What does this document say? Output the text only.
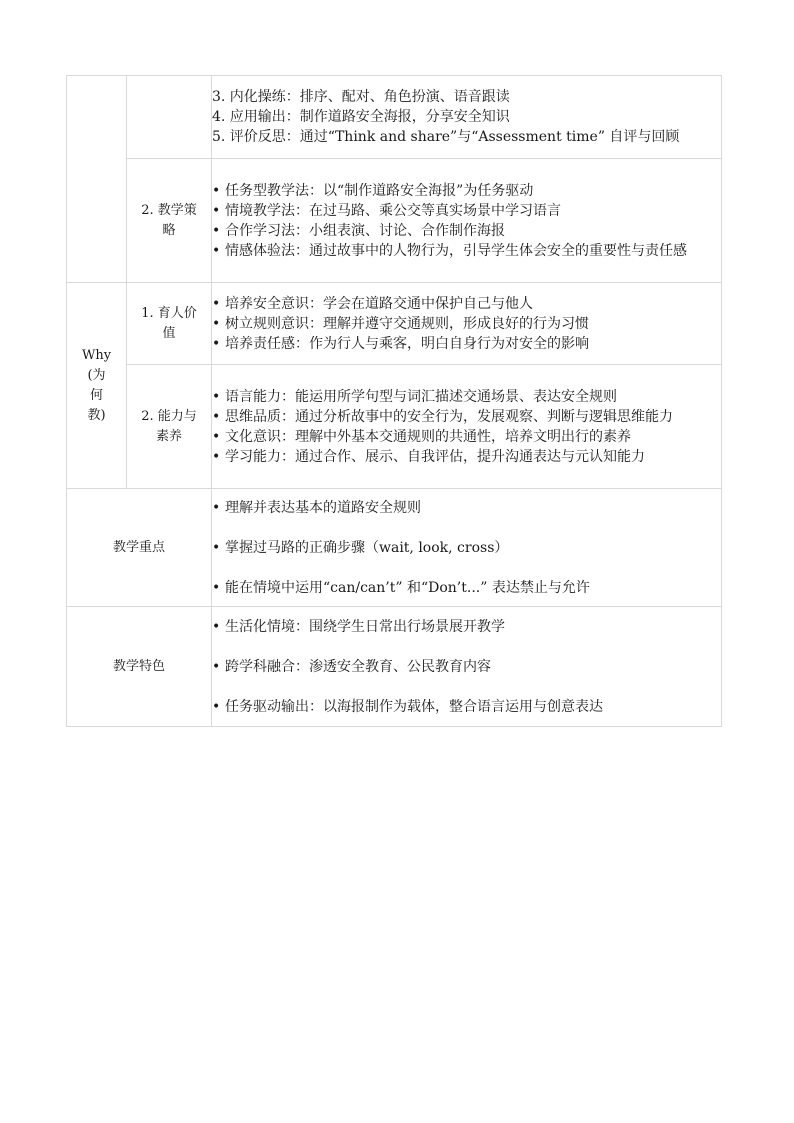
		3. 内化操练：排序、配对、角色扮演、语音跟读
4. 应用输出：制作道路安全海报，分享安全知识
5. 评价反思：通过“Think and share”与“Assessment time” 自评与回顾

	2. 教学策略	• 任务型教学法：以“制作道路安全海报”为任务驱动
• 情境教学法：在过马路、乘公交等真实场景中学习语言
• 合作学习法：小组表演、讨论、合作制作海报
• 情感体验法：通过故事中的人物行为，引导学生体会安全的重要性与责任感

Why (为何教)	1. 育人价值	• 培养安全意识：学会在道路交通中保护自己与他人
• 树立规则意识：理解并遵守交通规则，形成良好的行为习惯
• 培养责任感：作为行人与乘客，明白自身行为对安全的影响

	2. 能力与素养	• 语言能力：能运用所学句型与词汇描述交通场景、表达安全规则
• 思维品质：通过分析故事中的安全行为，发展观察、判断与逻辑思维能力
• 文化意识：理解中外基本交通规则的共通性，培养文明出行的素养
• 学习能力：通过合作、展示、自我评估，提升沟通表达与元认知能力

教学重点		• 理解并表达基本的道路安全规则
• 掌握过马路的正确步骤（wait, look, cross）
• 能在情境中运用“can/can’t” 和“Don’t...” 表达禁止与允许

教学特色		• 生活化情境：围绕学生日常出行场景展开教学
• 跨学科融合：渗透安全教育、公民教育内容
• 任务驱动输出：以海报制作为载体，整合语言运用与创意表达
